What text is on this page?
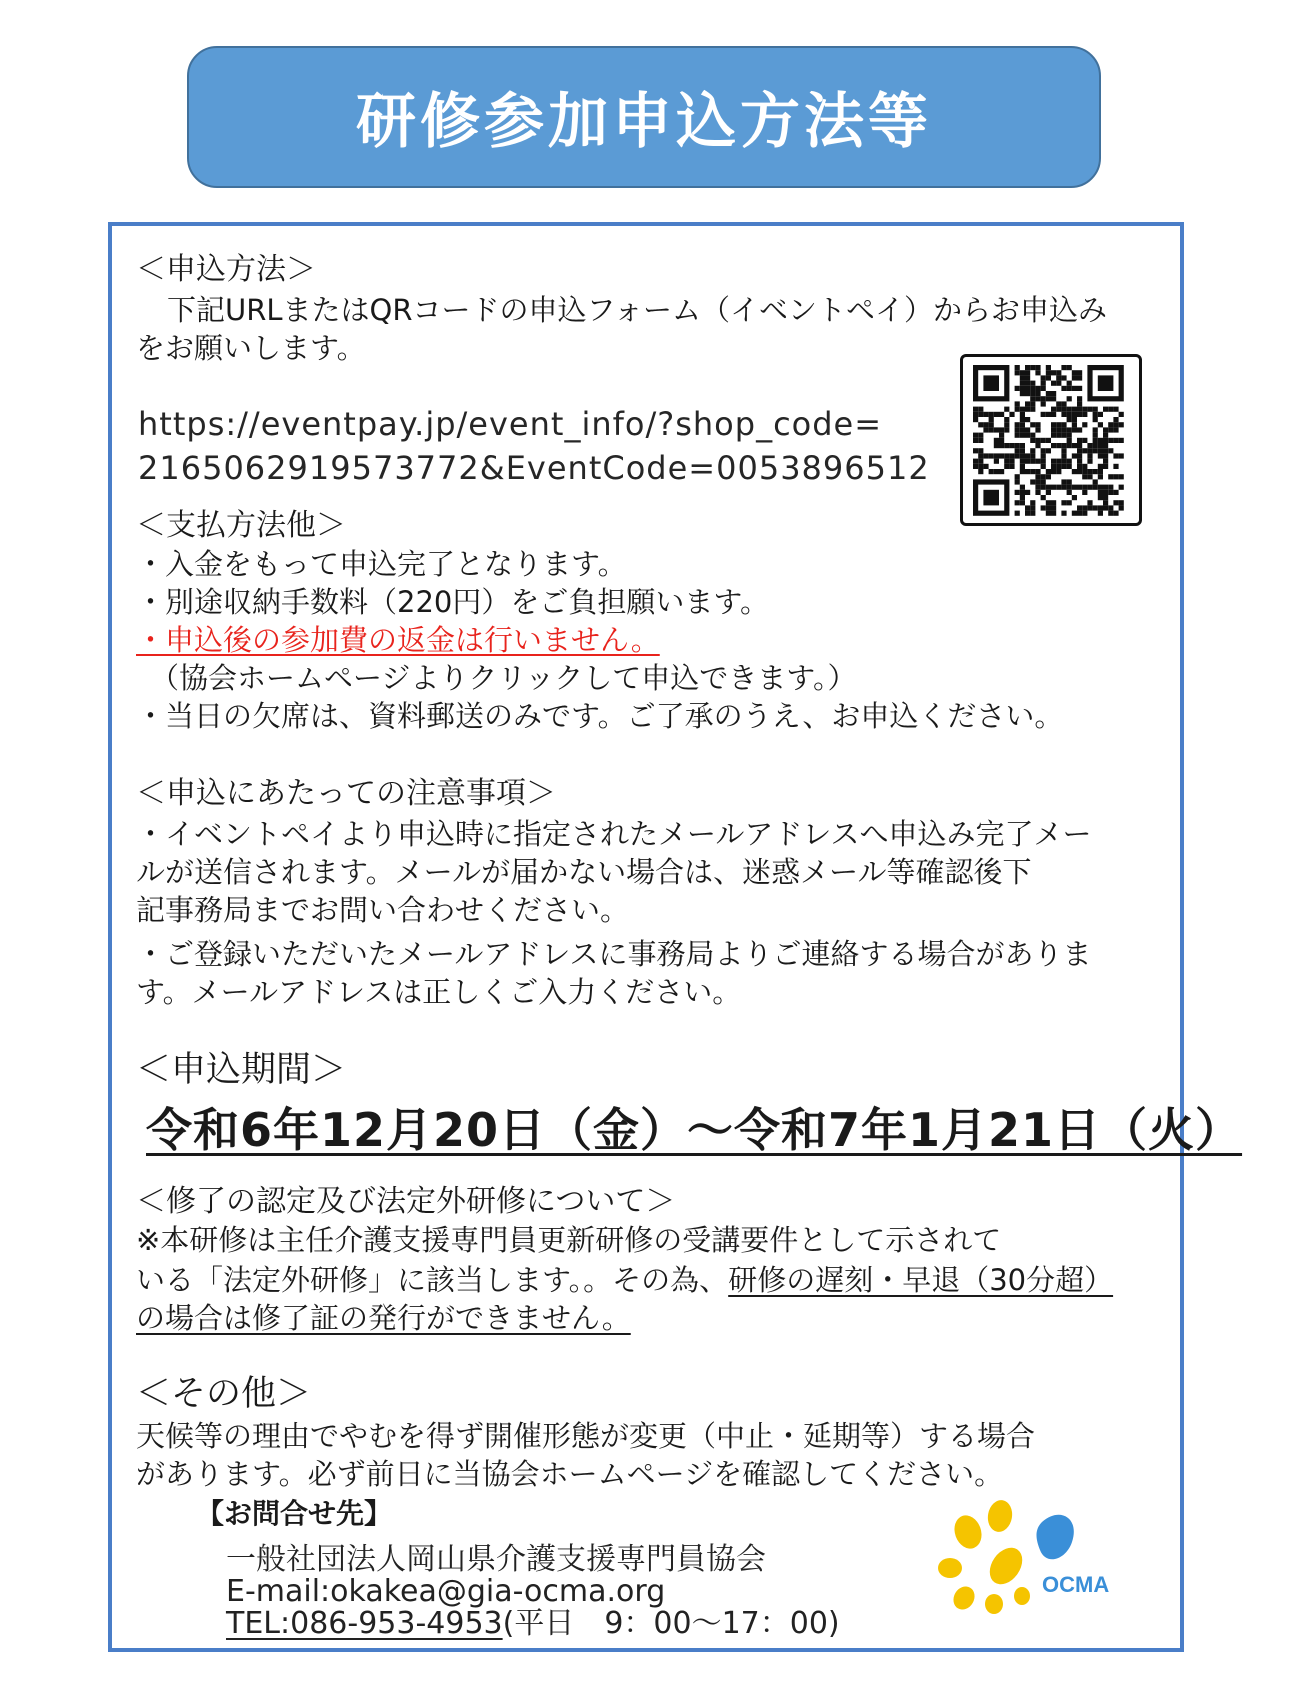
研修参加申込方法等
＜申込方法＞
　下記URLまたはQRコードの申込フォーム（イベントペイ）からお申込み
をお願いします。
https://eventpay.jp/event_info/?shop_code=
2165062919573772&EventCode=0053896512
＜支払方法他＞
・入金をもって申込完了となります。
・別途収納手数料（220円）をご負担願います。
・申込後の参加費の返金は行いません。
（協会ホームページよりクリックして申込できます。）
・当日の欠席は、資料郵送のみです。ご了承のうえ、お申込ください。
＜申込にあたっての注意事項＞
・イベントペイより申込時に指定されたメールアドレスへ申込み完了メー
ルが送信されます。メールが届かない場合は、迷惑メール等確認後下
記事務局までお問い合わせください。
・ご登録いただいたメールアドレスに事務局よりご連絡する場合がありま
す。メールアドレスは正しくご入力ください。
＜申込期間＞
令和6年12月20日（金）～令和7年1月21日（火）
＜修了の認定及び法定外研修について＞
※本研修は主任介護支援専門員更新研修の受講要件として示されて
いる「法定外研修」に該当します。。その為、研修の遅刻・早退（30分超）
の場合は修了証の発行ができません。
＜その他＞
天候等の理由でやむを得ず開催形態が変更（中止・延期等）する場合
があります。必ず前日に当協会ホームページを確認してください。
【お問合せ先】
一般社団法人岡山県介護支援専門員協会
E-mail:okakea@gia-ocma.org
TEL:086-953-4953(平日　9：00～17：00)
OCMA
